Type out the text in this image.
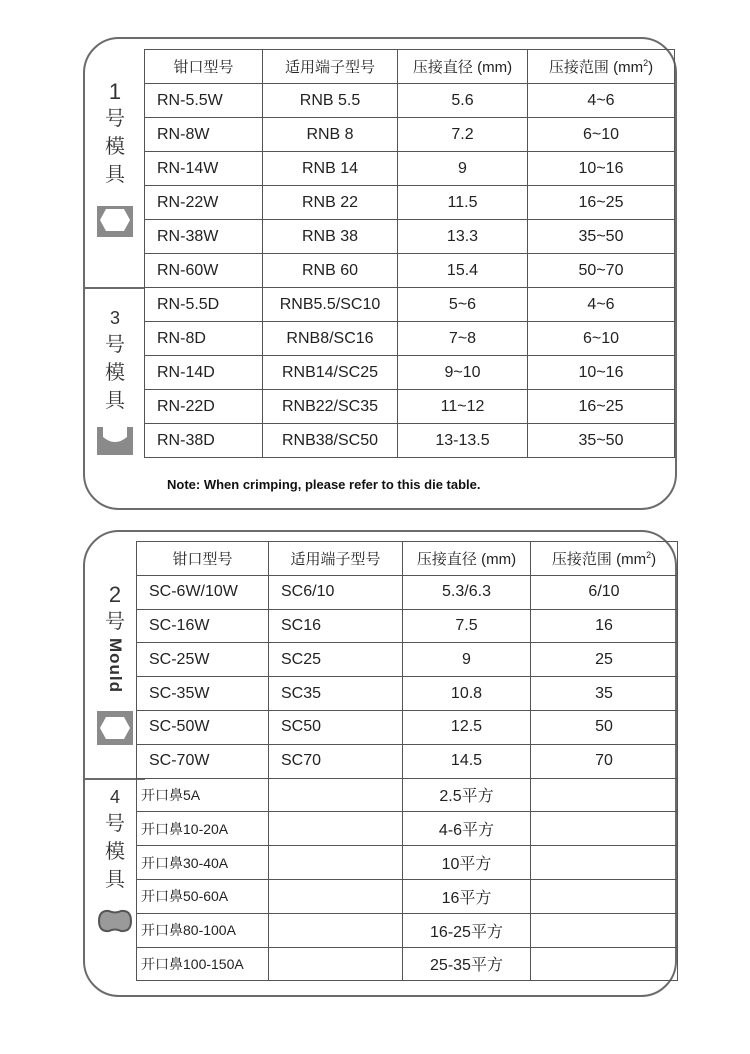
1
号
模
具
3
号
模
具
钳口型号	适用端子型号	压接直径 (mm)	压接范围 $(mm^2)$
RN-5.5W	RNB 5.5	5.6	4~6
RN-8W	RNB 8	7.2	6~10
RN-14W	RNB 14	9	10~16
RN-22W	RNB 22	11.5	16~25
RN-38W	RNB 38	13.3	35~50
RN-60W	RNB 60	15.4	50~70
RN-5.5D	RNB5.5/SC10	5~6	4~6
RN-8D	RNB8/SC16	7~8	6~10
RN-14D	RNB14/SC25	9~10	10~16
RN-22D	RNB22/SC35	11~12	16~25
RN-38D	RNB38/SC50	13-13.5	35~50
Note: When crimping, please refer to this die table.
2
号
Mould
4
号
模
具
钳口型号	适用端子型号	压接直径 (mm)	压接范围 $(mm^2)$
SC-6W/10W	SC6/10	5.3/6.3	6/10
SC-16W	SC16	7.5	16
SC-25W	SC25	9	25
SC-35W	SC35	10.8	35
SC-50W	SC50	12.5	50
SC-70W	SC70	14.5	70
开口鼻5A		2.5平方	
开口鼻10-20A		4-6平方	
开口鼻30-40A		10平方	
开口鼻50-60A		16平方	
开口鼻80-100A		16-25平方	
开口鼻100-150A		25-35平方	
